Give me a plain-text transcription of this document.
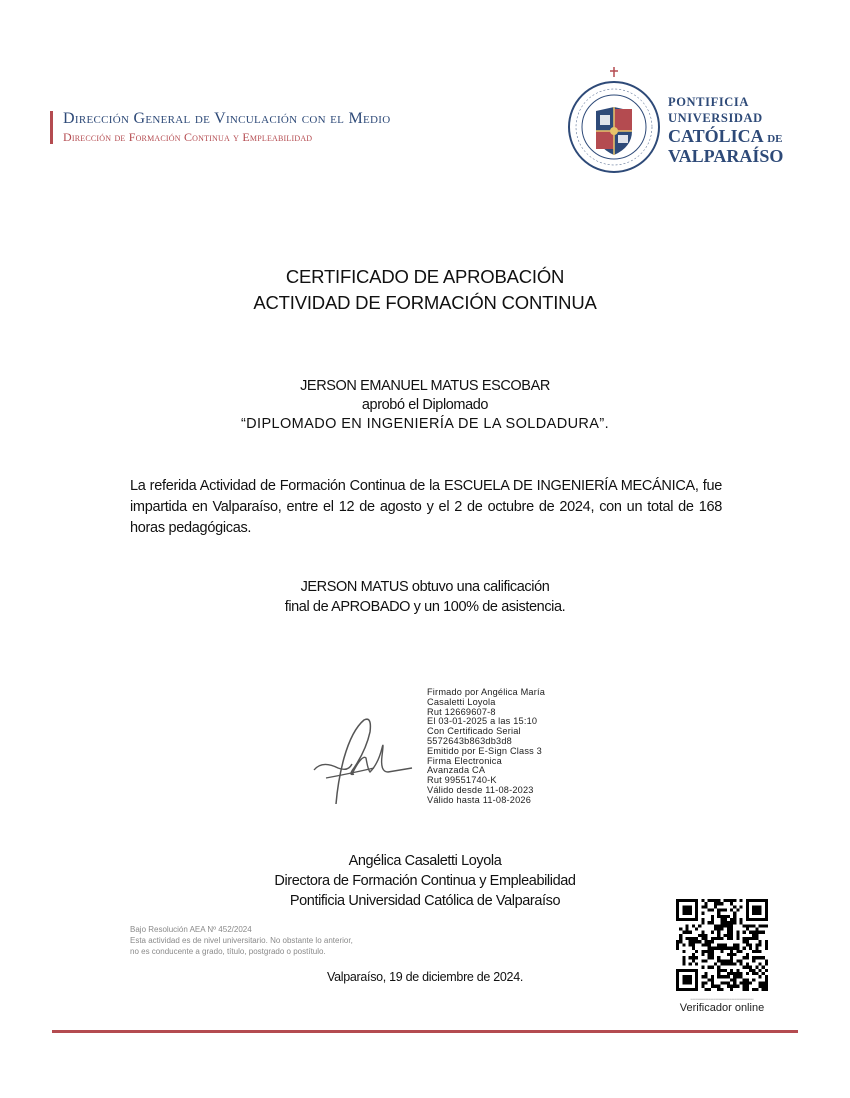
Dirección General de Vinculación con el Medio
Dirección de Formación Continua y Empleabilidad
PONTIFICIA
UNIVERSIDAD
CATÓLICA DE
VALPARAÍSO
CERTIFICADO DE APROBACIÓN
ACTIVIDAD DE FORMACIÓN CONTINUA
JERSON EMANUEL MATUS ESCOBAR
aprobó el Diplomado
“DIPLOMADO EN INGENIERÍA DE LA SOLDADURA”.
La referida Actividad de Formación Continua de la ESCUELA DE INGENIERÍA MECÁNICA, fue impartida en Valparaíso, entre el 12 de agosto y el 2 de octubre de 2024, con un total de 168 horas pedagógicas.
JERSON MATUS obtuvo una calificación
final de APROBADO y un 100% de asistencia.
Firmado por Angélica María
Casaletti Loyola
Rut 12669607-8
El 03-01-2025 a las 15:10
Con Certificado Serial
5572643b863db3d8
Emitido por E-Sign Class 3
Firma Electronica
Avanzada CA
Rut 99551740-K
Válido desde 11-08-2023
Válido hasta 11-08-2026
Angélica Casaletti Loyola
Directora de Formación Continua y Empleabilidad
Pontificia Universidad Católica de Valparaíso
Bajo Resolución AEA Nº 452/2024
Esta actividad es de nivel universitario. No obstante lo anterior,
no es conducente a grado, título, postgrado o postítulo.
Valparaíso, 19 de diciembre de 2024.
••••••••••••••••••••••••••••••••••••••••••••••••••••••••••••
Verificador online
